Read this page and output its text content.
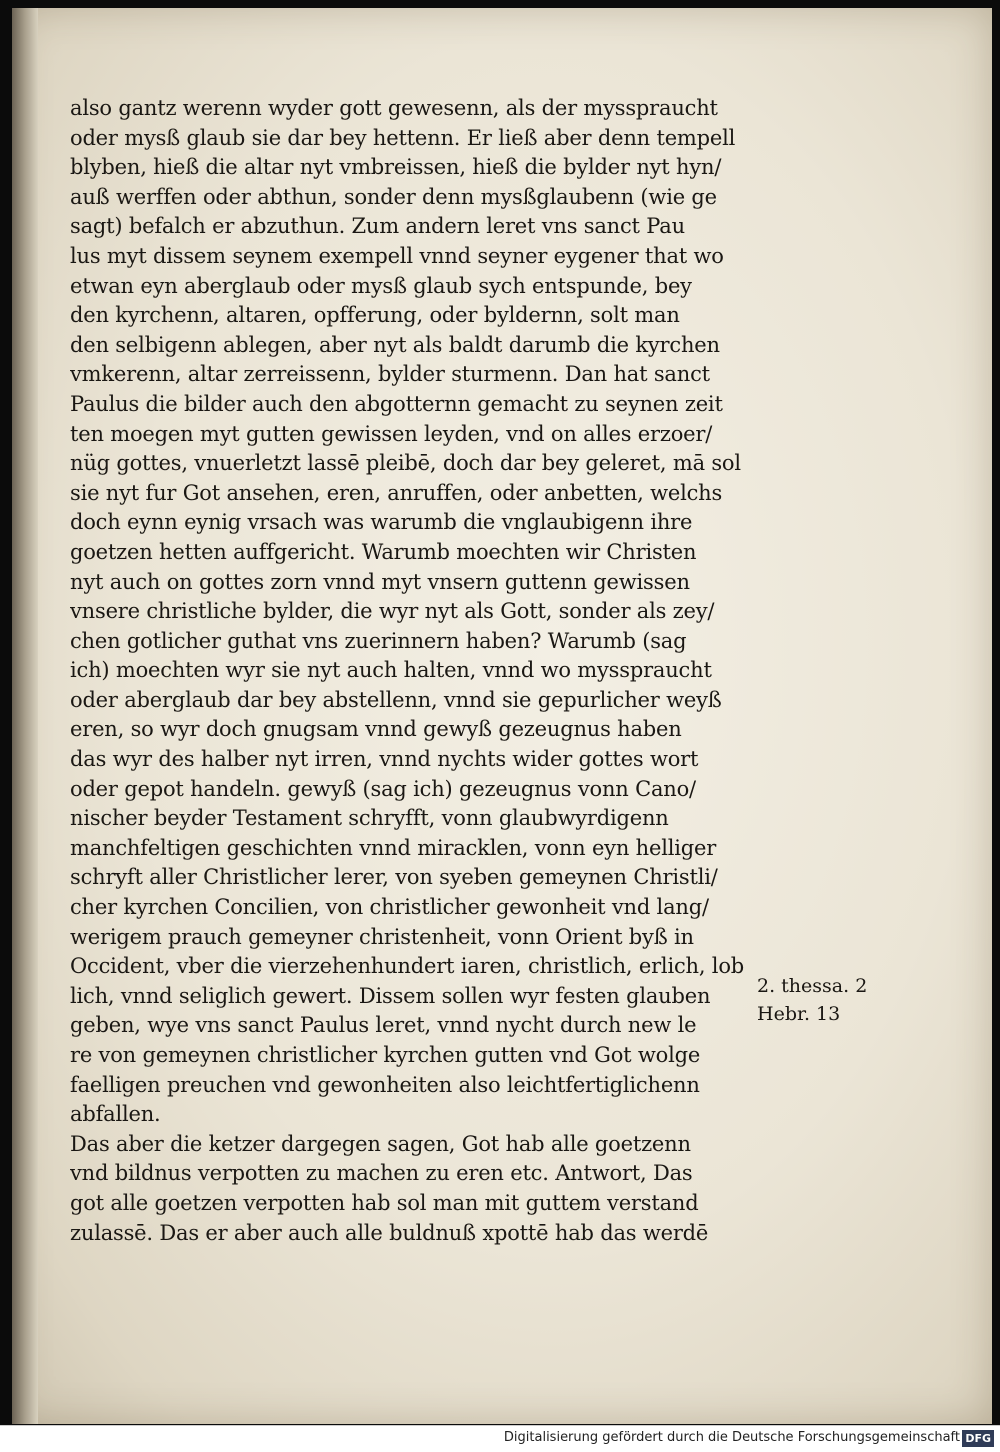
also gantz werenn wyder gott gewesenn, als der mysspraucht
oder mysß glaub sie dar bey hettenn. Er ließ aber denn tempell
blyben, hieß die altar nyt vmbreissen, hieß die bylder nyt hyn/
auß werffen oder abthun, sonder denn mysßglaubenn (wie ge
sagt) befalch er abzuthun. Zum andern leret vns sanct Pau
lus myt dissem seynem exempell vnnd seyner eygener that wo
etwan eyn aberglaub oder mysß glaub sych entspunde, bey
den kyrchenn, altaren, opfferung, oder byldernn, solt man
den selbigenn ablegen, aber nyt als baldt darumb die kyrchen
vmkerenn, altar zerreissenn, bylder sturmenn. Dan hat sanct
Paulus die bilder auch den abgotternn gemacht zu seynen zeit
ten moegen myt gutten gewissen leyden, vnd on alles erzoer/
nüg gottes, vnuerletzt lassē pleibē, doch dar bey geleret, mā sol
sie nyt fur Got ansehen, eren, anruffen, oder anbetten, welchs
doch eynn eynig vrsach was warumb die vnglaubigenn ihre
goetzen hetten auffgericht. Warumb moechten wir Christen
nyt auch on gottes zorn vnnd myt vnsern guttenn gewissen
vnsere christliche bylder, die wyr nyt als Gott, sonder als zey/
chen gotlicher guthat vns zuerinnern haben? Warumb (sag
ich) moechten wyr sie nyt auch halten, vnnd wo mysspraucht
oder aberglaub dar bey abstellenn, vnnd sie gepurlicher weyß
eren, so wyr doch gnugsam vnnd gewyß gezeugnus haben
das wyr des halber nyt irren, vnnd nychts wider gottes wort
oder gepot handeln. gewyß (sag ich) gezeugnus vonn Cano/
nischer beyder Testament schryfft, vonn glaubwyrdigenn
manchfeltigen geschichten vnnd miracklen, vonn eyn helliger
schryft aller Christlicher lerer, von syeben gemeynen Christli/
cher kyrchen Concilien, von christlicher gewonheit vnd lang/
werigem prauch gemeyner christenheit, vonn Orient byß in
Occident, vber die vierzehenhundert iaren, christlich, erlich, lob
lich, vnnd seliglich gewert. Dissem sollen wyr festen glauben
geben, wye vns sanct Paulus leret, vnnd nycht durch new le
re von gemeynen christlicher kyrchen gutten vnd Got wolge
faelligen preuchen vnd gewonheiten also leichtfertiglichenn
abfallen.
Das aber die ketzer dargegen sagen, Got hab alle goetzenn
vnd bildnus verpotten zu machen zu eren etc. Antwort, Das
got alle goetzen verpotten hab sol man mit guttem verstand
zulassē. Das er aber auch alle buldnuß xpottē hab das werdē
2. thessa. 2
Hebr. 13
Digitalisierung gefördert durch die Deutsche Forschungsgemeinschaft DFG
